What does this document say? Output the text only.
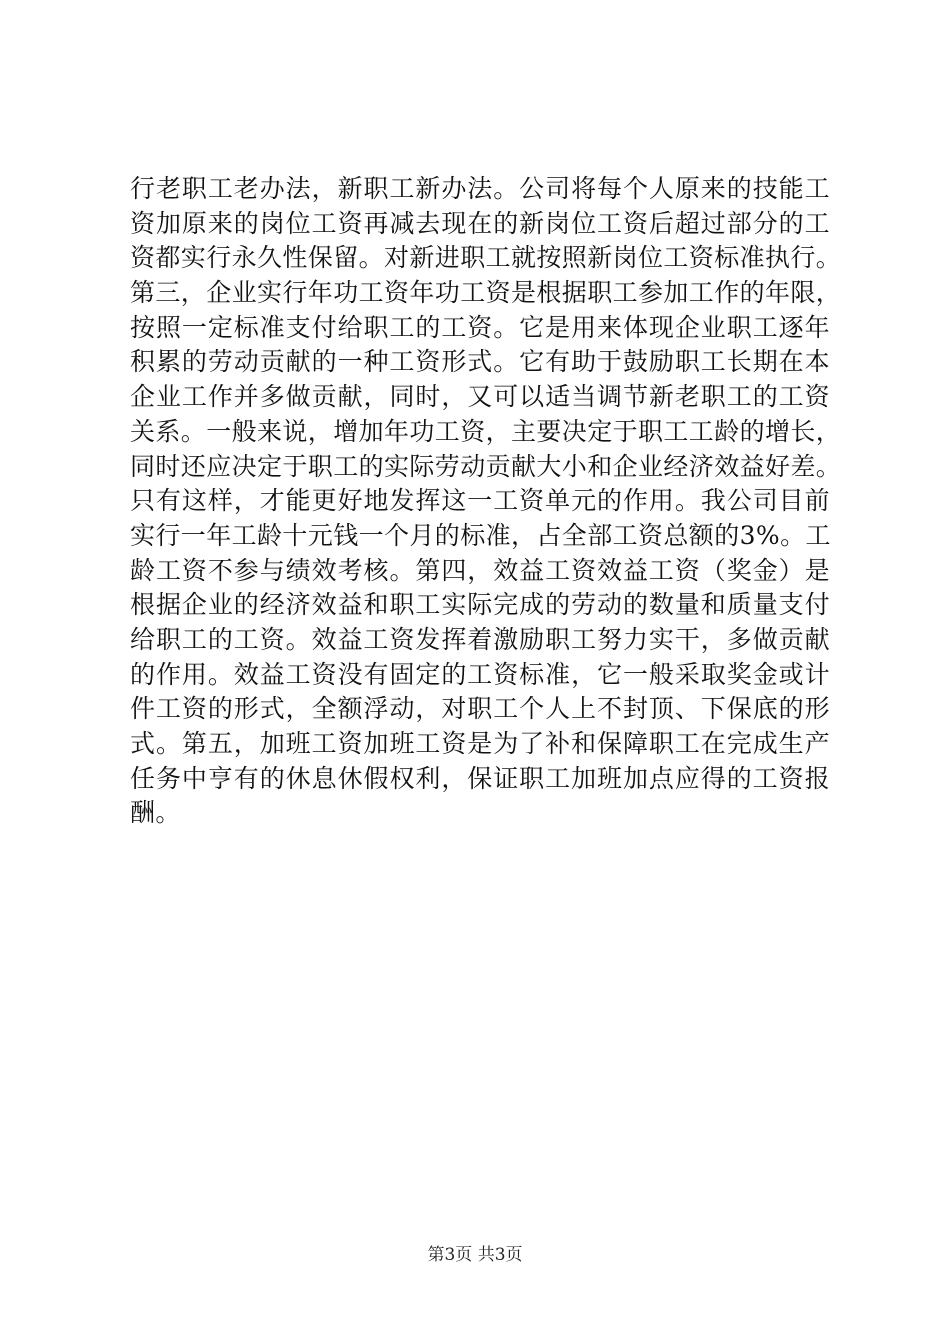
行老职工老办法，新职工新办法。公司将每个人原来的技能工
资加原来的岗位工资再减去现在的新岗位工资后超过部分的工
资都实行永久性保留。对新进职工就按照新岗位工资标准执行。
第三，企业实行年功工资年功工资是根据职工参加工作的年限，
按照一定标准支付给职工的工资。它是用来体现企业职工逐年
积累的劳动贡献的一种工资形式。它有助于鼓励职工长期在本
企业工作并多做贡献，同时，又可以适当调节新老职工的工资
关系。一般来说，增加年功工资，主要决定于职工工龄的增长，
同时还应决定于职工的实际劳动贡献大小和企业经济效益好差。
只有这样，才能更好地发挥这一工资单元的作用。我公司目前
实行一年工龄十元钱一个月的标准，占全部工资总额的3%。工
龄工资不参与绩效考核。第四，效益工资效益工资（奖金）是
根据企业的经济效益和职工实际完成的劳动的数量和质量支付
给职工的工资。效益工资发挥着激励职工努力实干，多做贡献
的作用。效益工资没有固定的工资标准，它一般采取奖金或计
件工资的形式，全额浮动，对职工个人上不封顶、下保底的形
式。第五，加班工资加班工资是为了补和保障职工在完成生产
任务中亨有的休息休假权利，保证职工加班加点应得的工资报
酬。
第3页 共3页
